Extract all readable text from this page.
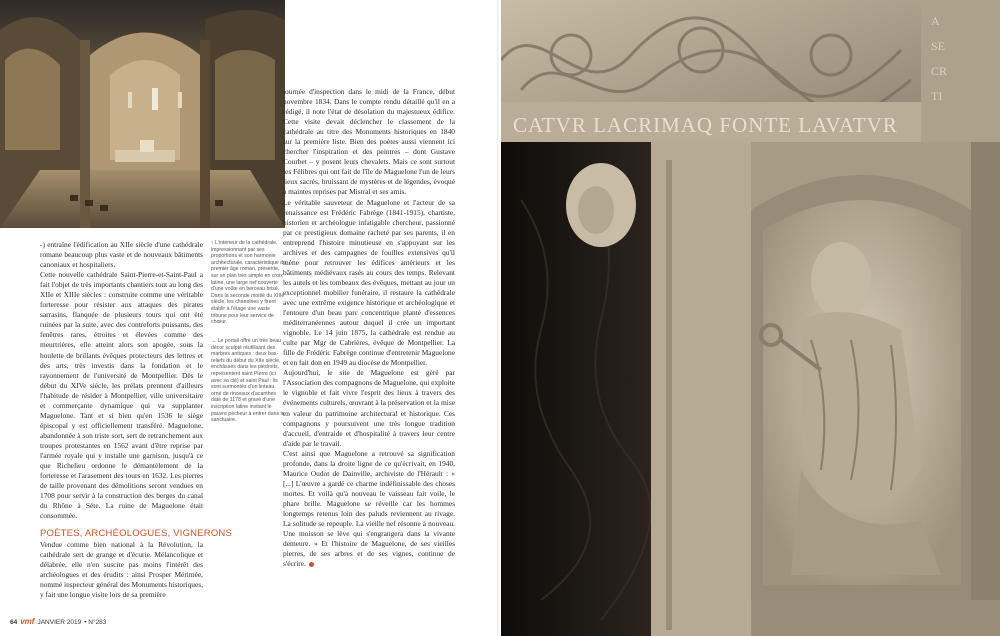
↑ L'intérieur de la cathédrale, impressionnant par ses proportions et son harmonie architecturale, caractéristique du premier âge roman, présente, sur un plan très simple en croix latine, une large nef couverte d'une voûte en berceau brisé. Dans la seconde moitié du XIIIe siècle, les chanoines y firent établir à l'étage une vaste tribune pour leur service de chœur.
→ Le portail offre un très beau décor sculpté réutilisant des marbres antiques : deux bas-reliefs du début du XIIe siècle, enchâssés dans les piédroits, représentent saint Pierre (ici avec sa clé) et saint Paul ; ils sont surmontés d'un linteau orné de rinceaux d'acanthes daté de 1178 et gravé d'une inscription latine invitant le pauvre pécheur à entrer dans le sanctuaire.

-) entraîne l'édification au XIIe siècle d'une cathédrale romane beaucoup plus vaste et de nouveaux bâtiments canoniaux et hospitaliers.

Cette nouvelle cathédrale Saint-Pierre-et-Saint-Paul a fait l'objet de très importants chantiers tout au long des XIIe et XIIIe siècles : construite comme une véritable forteresse pour résister aux attaques des pirates sarrasins, flanquée de plusieurs tours qui ont été ruinées par la suite, avec des contreforts puissants, des fenêtres rares, étroites et élevées comme des meurtrières, elle atteint alors son apogée, sous la houlette de brillants évêques protecteurs des lettres et des arts, très investis dans la fondation et le rayonnement de l'université de Montpellier. Dès le début du XIVe siècle, les prélats prennent d'ailleurs l'habitude de résider à Montpellier, ville universitaire et commerçante dynamique qui va supplanter Maguelone. Tant et si bien qu'en 1536 le siège épiscopal y est officiellement transféré. Maguelone, abandonnée à son triste sort, sert de retranchement aux troupes protestantes en 1562 avant d'être reprise par l'armée royale qui y installe une garnison, jusqu'à ce que Richelieu ordonne le démantèlement de la forteresse et l'arasement des tours en 1632. Les pierres de taille provenant des démolitions seront vendues en 1708 pour servir à la construction des berges du canal du Rhône à Sète. La ruine de Maguelone était consommée.

POÈTES, ARCHÉOLOGUES, VIGNERONS

Vendue comme bien national à la Révolution, la cathédrale sert de grange et d'écurie. Mélancolique et délabrée, elle n'en suscite pas moins l'intérêt des archéologues et des érudits : ainsi Prosper Mérimée, nommé inspecteur général des Monuments historiques, y fait une longue visite lors de sa première

tournée d'inspection dans le midi de la France, début novembre 1834. Dans le compte rendu détaillé qu'il en a rédigé, il note l'état de désolation du majestueux édifice. Cette visite devait déclencher le classement de la cathédrale au titre des Monuments historiques en 1840 sur la première liste. Bien des poètes aussi viennent ici chercher l'inspiration et des peintres – dont Gustave Courbet – y posent leurs chevalets. Mais ce sont surtout les Félibres qui ont fait de l'île de Maguelone l'un de leurs lieux sacrés, bruissant de mystères et de légendes, évoqué à maintes reprises par Mistral et ses amis.

Le véritable sauveteur de Maguelone et l'acteur de sa renaissance est Frédéric Fabrège (1841-1915), chartiste, historien et archéologue infatigable chercheur, passionné par ce prestigieux domaine racheté par ses parents, il en entreprend l'histoire minutieuse en s'appuyant sur les archives et des campagnes de fouilles extensives qu'il mène pour retrouver les édifices antérieurs et les bâtiments médiévaux rasés au cours des temps. Relevant les autels et les tombeaux des évêques, mettant au jour un exceptionnel mobilier funéraire, il restaure la cathédrale avec une extrême exigence historique et archéologique et l'entoure d'un beau parc concentrique planté d'essences méditerranéennes autour duquel il crée un important vignoble. Le 14 juin 1875, la cathédrale est rendue au culte par Mgr de Cabrières, évêque de Montpellier. La fille de Frédéric Fabrège continue d'entretenir Maguelone et en fait don en 1949 au diocèse de Montpellier.

Aujourd'hui, le site de Maguelone est géré par l'Association des compagnons de Maguelone, qui exploite le vignoble et fait vivre l'esprit des lieux à travers des événements culturels, œuvrant à la préservation et la mise en valeur du patrimoine architectural et historique. Ces compagnons y poursuivent une très longue tradition d'accueil, d'entraide et d'hospitalité à travers leur centre d'aide par le travail.

C'est ainsi que Maguelone a retrouvé sa signification profonde, dans la droite ligne de ce qu'écrivait, en 1940, Maurice Oudot de Dainville, archiviste de l'Hérault : « [...] L'œuvre a gardé ce charme indéfinissable des choses mortes. Et voilà qu'à nouveau le vaisseau fait voile, le phare brille. Maguelone se réveille car les hommes longtemps retenus loin des paluds reviennent au rivage. La solitude se repeuple. La vieille nef résonne à nouveau. Une moisson se lève qui s'engrangera dans la vivante demeure. » Et l'histoire de Maguelone, de ses vieilles pierres, de ses arbres et de ses vignes, continue de s'écrire.

64 vmf JANVIER 2019 • N°283
CATVR LACRIMAQ FONTE LAVATVR
A
SE
CR
TI
